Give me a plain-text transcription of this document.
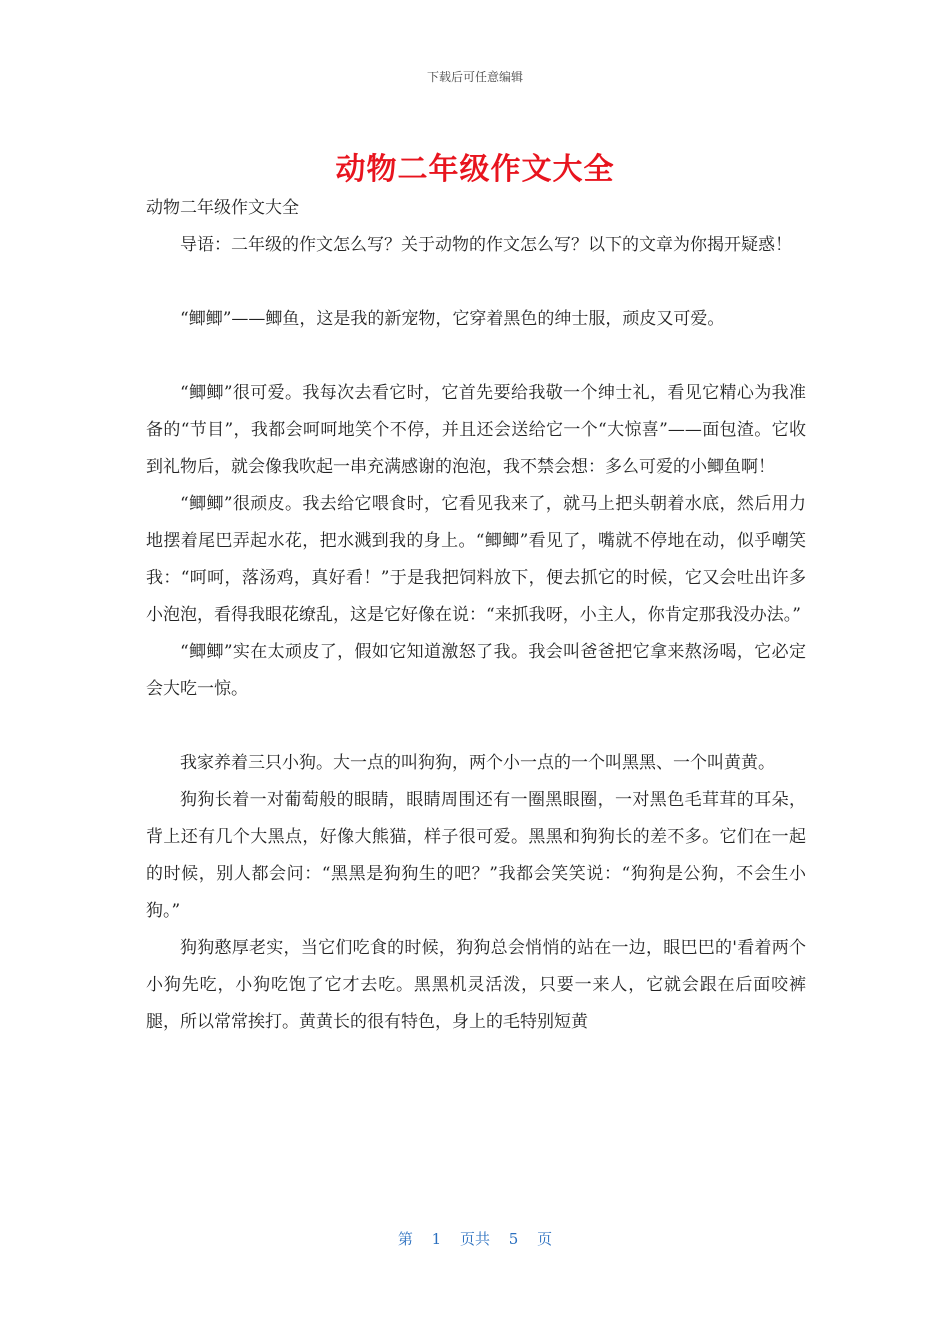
下载后可任意编辑
动物二年级作文大全

动物二年级作文大全

导语：二年级的作文怎么写？关于动物的作文怎么写？以下的文章为你揭开疑惑！

“鲫鲫”——鲫鱼，这是我的新宠物，它穿着黑色的绅士服，顽皮又可爱。

“鲫鲫”很可爱。我每次去看它时，它首先要给我敬一个绅士礼，看见它精心为我准备的“节目”，我都会呵呵地笑个不停，并且还会送给它一个“大惊喜”——面包渣。它收到礼物后，就会像我吹起一串充满感谢的泡泡，我不禁会想：多么可爱的小鲫鱼啊！

“鲫鲫”很顽皮。我去给它喂食时，它看见我来了，就马上把头朝着水底，然后用力地摆着尾巴弄起水花，把水溅到我的身上。“鲫鲫”看见了，嘴就不停地在动，似乎嘲笑我：“呵呵，落汤鸡，真好看！”于是我把饲料放下，便去抓它的时候，它又会吐出许多小泡泡，看得我眼花缭乱，这是它好像在说：“来抓我呀，小主人，你肯定那我没办法。”

“鲫鲫”实在太顽皮了，假如它知道激怒了我。我会叫爸爸把它拿来熬汤喝，它必定会大吃一惊。

我家养着三只小狗。大一点的叫狗狗，两个小一点的一个叫黑黑、一个叫黄黄。

狗狗长着一对葡萄般的眼睛，眼睛周围还有一圈黑眼圈，一对黑色毛茸茸的耳朵，背上还有几个大黑点，好像大熊猫，样子很可爱。黑黑和狗狗长的差不多。它们在一起的时候，别人都会问：“黑黑是狗狗生的吧？”我都会笑笑说：“狗狗是公狗，不会生小狗。”

狗狗憨厚老实，当它们吃食的时候，狗狗总会悄悄的站在一边，眼巴巴的'看着两个小狗先吃，小狗吃饱了它才去吃。黑黑机灵活泼，只要一来人，它就会跟在后面咬裤腿，所以常常挨打。黄黄长的很有特色，身上的毛特别短黄

第 1 页共 5 页
